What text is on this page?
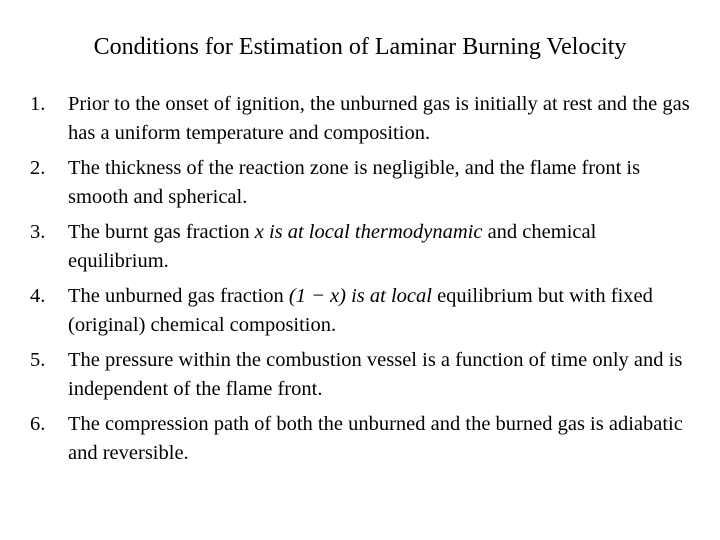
Conditions for Estimation of Laminar Burning Velocity
1. Prior to the onset of ignition, the unburned gas is initially at rest and the gas has a uniform temperature and composition.
2. The thickness of the reaction zone is negligible, and the flame front is smooth and spherical.
3. The burnt gas fraction x is at local thermodynamic and chemical equilibrium.
4. The unburned gas fraction (1 − x) is at local equilibrium but with fixed (original) chemical composition.
5. The pressure within the combustion vessel is a function of time only and is independent of the flame front.
6. The compression path of both the unburned and the burned gas is adiabatic and reversible.
